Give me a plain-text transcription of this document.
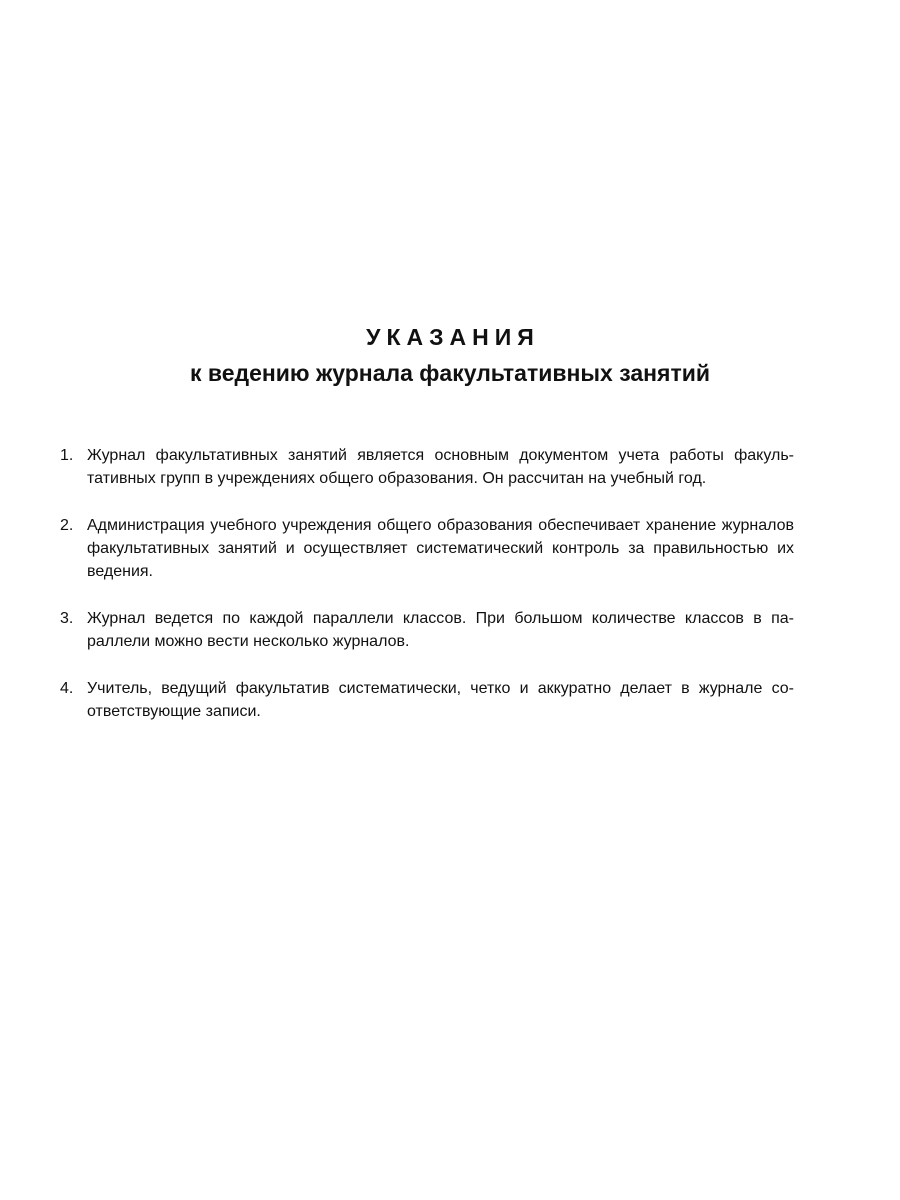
УКАЗАНИЯ
к ведению журнала факультативных занятий
1. Журнал факультативных занятий является основным документом учета работы факультативных групп в учреждениях общего образования. Он рассчитан на учебный год.
2. Администрация учебного учреждения общего образования обеспечивает хранение журналов факультативных занятий и осуществляет систематический контроль за правильностью их ведения.
3. Журнал ведется по каждой параллели классов. При большом количестве классов в параллели можно вести несколько журналов.
4. Учитель, ведущий факультатив систематически, четко и аккуратно делает в журнале соответствующие записи.
